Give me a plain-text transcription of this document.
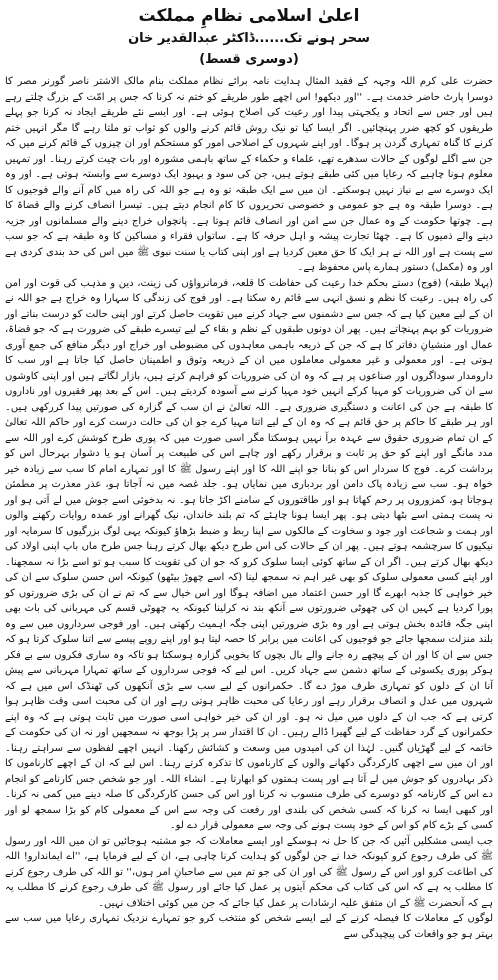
اعلیٰ اسلامی نظامِ مملکت
سحر ہونے تک......ڈاکٹر عبدالقدیر خان
(دوسری قسط)

حضرت علی کرم اللہ وجہہ کے فقید المثال ہدایت نامہ برائے نظام مملکت بنام مالک الاشتر ناصر گورنر مصر کا دوسرا پارٹ حاضر خدمت ہے۔ ''اور دیکھو! اس اچھے طور طریقے کو ختم نہ کرنا کہ جس پر امّت کے بزرگ چلتے رہے ہیں اور جس سے اتحاد و یکجہتی پیدا اور رعیت کی اصلاح ہوئی ہے۔ اور ایسے نئے طریقے ایجاد نہ کرنا جو پہلے طریقوں کو کچھ ضرر پہنچائیں۔ اگر ایسا کیا تو نیک روش قائم کرنے والوں کو ثواب تو ملتا رہے گا مگر انہیں ختم کرنے کا گناہ تمہاری گردن پر ہوگا۔ اور اپنے شہروں کے اصلاحی امور کو مستحکم اور ان چیزوں کے قائم کرنے میں کہ جن سے اگلے لوگوں کے حالات سدھرے تھے، علماء و حکماء کے ساتھ باہمی مشورہ اور بات چیت کرتے رہنا۔ اور تمہیں معلوم ہونا چاہیے کہ رعایا میں کئی طبقے ہوتے ہیں، جن کی سود و بہبود ایک دوسرے سے وابستہ ہوتی ہے۔ اور وہ ایک دوسرے سے بے نیاز نہیں ہوسکتے۔ ان میں سے ایک طبقہ تو وہ ہے جو اللہ کی راہ میں کام آنے والے فوجیوں کا ہے۔ دوسرا طبقہ وہ ہے جو عمومی و خصوصی تحریروں کا کام انجام دیتے ہیں۔ تیسرا انصاف کرنے والے قضاۃ کا ہے۔ چوتھا حکومت کے وہ عمال جن سے امن اور انصاف قائم ہوتا ہے۔ پانچواں خراج دینے والے مسلمانوں اور جزیہ دینے والے ذمیوں کا ہے۔ چھٹا تجارت پیشہ و اہل حرفہ کا ہے۔ ساتواں فقراء و مساکین کا وہ طبقہ ہے کہ جو سب سے پست ہے اور اللہ نے ہر ایک کا حق معین کردیا ہے اور اپنی کتاب یا سنت نبوی ﷺ میں اس کی حد بندی کردی ہے اور وہ (مکمل) دستور ہمارے پاس محفوظ ہے۔

(پہلا طبقہ) (فوج) دستے بحکم خدا رعیت کی حفاظت کا قلعہ، فرمانرواؤں کی زینت، دین و مذہب کی قوت اور امن کی راہ ہیں۔ رعیت کا نظم و نسق انہی سے قائم رہ سکتا ہے۔ اور فوج کی زندگی کا سہارا وہ خراج ہے جو اللہ نے ان کے لیے معین کیا ہے کہ جس سے دشمنوں سے جہاد کرنے میں تقویت حاصل کرتے اور اپنی حالت کو درست بناتے اور ضروریات کو بہم پہنچاتے ہیں۔ پھر ان دونوں طبقوں کے نظم و بقاء کے لیے تیسرے طبقے کی ضرورت ہے کہ جو قضاۃ، عمال اور منشیانِ دفاتر کا ہے کہ جن کے ذریعہ باہمی معاہدوں کی مضبوطی اور خراج اور دیگر منافع کی جمع آوری ہوتی ہے۔ اور معمولی و غیر معمولی معاملوں میں ان کے ذریعہ وثوق و اطمینان حاصل کیا جاتا ہے اور سب کا دارومدار سوداگروں اور صناعوں پر ہے کہ وہ ان کی ضروریات کو فراہم کرتے ہیں، بازار لگاتے ہیں اور اپنی کاوشوں سے ان کی ضروریات کو مہیا کرکے انہیں خود مہیا کرنے سے آسودہ کردیتے ہیں۔ اس کے بعد پھر فقیروں اور ناداروں کا طبقہ ہے جن کی اعانت و دستگیری ضروری ہے۔ اللہ تعالیٰ نے ان سب کے گزارہ کی صورتیں پیدا کررکھی ہیں۔ اور ہر طبقے کا حاکم پر حق قائم ہے کہ وہ ان کے لیے اتنا مہیا کرے جو ان کی حالت درست کرے اور حاکم اللہ تعالیٰ کے ان تمام ضروری حقوق سے عہدہ برآ نہیں ہوسکتا مگر اسی صورت میں کہ پوری طرح کوشش کرے اور اللہ سے مدد مانگے اور اپنے کو حق پر ثابت و برقرار رکھے اور چاہے اس کی طبیعت پر آسان ہو یا دشوار بہرحال اس کو برداشت کرے۔ فوج کا سردار اس کو بنانا جو اپنے اللہ کا اور اپنے رسول ﷺ کا اور تمہارے امام کا سب سے زیادہ خیر خواہ ہو۔ سب سے زیادہ پاک دامن اور بردباری میں نمایاں ہو۔ جلد غصہ میں نہ آجاتا ہو، عذر معذرت پر مطمئن ہوجاتا ہو، کمزوروں پر رحم کھاتا ہو اور طاقتوروں کے سامنے اکڑ جاتا ہو۔ نہ بدخوئی اسے جوش میں لے آتی ہو اور نہ پست ہمتی اسے بٹھا دیتی ہو۔ پھر ایسا ہونا چاہئے کہ تم بلند خاندان، نیک گھرانے اور عمدہ روایات رکھنے والوں اور ہمت و شجاعت اور جود و سخاوت کے مالکوں سے اپنا ربط و ضبط بڑھاؤ کیونکہ یہی لوگ بزرگیوں کا سرمایہ اور نیکیوں کا سرچشمہ ہوتے ہیں۔ پھر ان کے حالات کی اس طرح دیکھ بھال کرتے رہنا جس طرح ماں باپ اپنی اولاد کی دیکھ بھال کرتے ہیں۔ اگر ان کے ساتھ کوئی ایسا سلوک کرو کہ جو ان کی تقویت کا سبب ہو تو اسے بڑا نہ سمجھنا۔ اور اپنے کسی معمولی سلوک کو بھی غیر اہم نہ سمجھ لینا (کہ اسے چھوڑ بیٹھو) کیونکہ اس حسن سلوک سے ان کی خیر خواہی کا جذبہ ابھرے گا اور حسن اعتماد میں اضافہ ہوگا اور اس خیال سے کہ تم نے ان کی بڑی ضرورتوں کو پورا کردیا ہے کہیں ان کی چھوٹی ضرورتوں سے آنکھ بند نہ کرلینا کیونکہ یہ چھوٹی قسم کی مہربانی کی بات بھی اپنی جگہ فائدہ بخش ہوتی ہے اور وہ بڑی ضرورتیں اپنی جگہ اہمیت رکھتی ہیں۔ اور فوجی سرداروں میں سے وہ بلند منزلت سمجھا جائے جو فوجیوں کی اعانت میں برابر کا حصہ لیتا ہو اور اپنے روپے پیسے سے اتنا سلوک کرتا ہو کہ جس سے ان کا اور ان کے پیچھے رہ جانے والے بال بچوں کا بخوبی گزارہ ہوسکتا ہو تاکہ وہ ساری فکروں سے بے فکر ہوکر پوری یکسوئی کے ساتھ دشمن سے جہاد کریں۔ اس لیے کہ فوجی سرداروں کے ساتھ تمہارا مہربانی سے پیش آنا ان کے دلوں کو تمہاری طرف موڑ دے گا۔ حکمرانوں کے لیے سب سے بڑی آنکھوں کی ٹھنڈک اس میں ہے کہ شہروں میں عدل و انصاف برقرار رہے اور رعایا کی محبت ظاہر ہوتی رہے اور ان کی محبت اسی وقت ظاہر ہوا کرتی ہے کہ جب ان کے دلوں میں میل نہ ہو۔ اور ان کی خیر خواہی اسی صورت میں ثابت ہوتی ہے کہ وہ اپنے حکمرانوں کے گرد حفاظت کے لیے گھیرا ڈالے رہیں۔ ان کا اقتدار سر پر پڑا بوجھ نہ سمجھیں اور نہ ان کی حکومت کے خاتمہ کے لیے گھڑیاں گنیں۔ لہٰذا ان کی امیدوں میں وسعت و کشائش رکھنا۔ انہیں اچھے لفظوں سے سراہتے رہنا۔ اور ان میں سے اچھی کارکردگی دکھانے والوں کے کارناموں کا تذکرہ کرتے رہنا۔ اس لیے کہ ان کے اچھے کارناموں کا ذکر بہادروں کو جوش میں لے آتا ہے اور پست ہمتوں کو ابھارتا ہے۔ انشاء اللہ۔ اور جو شخص جس کارنامے کو انجام دے اس کے کارنامہ کو دوسرے کی طرف منسوب نہ کرنا اور اس کی حسن کارکردگی کا صلہ دینے میں کمی نہ کرنا۔ اور کبھی ایسا نہ کرنا کہ کسی شخص کی بلندی اور رفعت کی وجہ سے اس کے معمولی کام کو بڑا سمجھ لو اور کسی کے بڑے کام کو اس کے خود پست ہونے کی وجہ سے معمولی قرار دے لو۔

جب ایسی مشکلیں آئیں کہ جن کا حل نہ ہوسکے اور ایسے معاملات کہ جو مشتبہ ہوجائیں تو ان میں اللہ اور رسول ﷺ کی طرف رجوع کرو کیونکہ خدا نے جن لوگوں کو ہدایت کرنا چاہی ہے، ان کے لیے فرمایا ہے، ''اے ایماندارو! اللہ کی اطاعت کرو اور اس کے رسول ﷺ کی اور ان کی جو تم میں سے صاحبانِ امر ہوں،'' تو اللہ کی طرف رجوع کرنے کا مطلب یہ ہے کہ اس کی کتاب کی محکم آیتوں پر عمل کیا جائے اور رسول ﷺ کی طرف رجوع کرنے کا مطلب یہ ہے کہ آنحضرت ﷺ کے ان متفق علیہ ارشادات پر عمل کیا جائے کہ جن میں کوئی اختلاف نہیں۔

لوگوں کے معاملات کا فیصلہ کرنے کے لیے ایسے شخص کو منتخب کرو جو تمہارے نزدیک تمہاری رعایا میں سب سے بہتر ہو جو واقعات کی پیچیدگی سے
